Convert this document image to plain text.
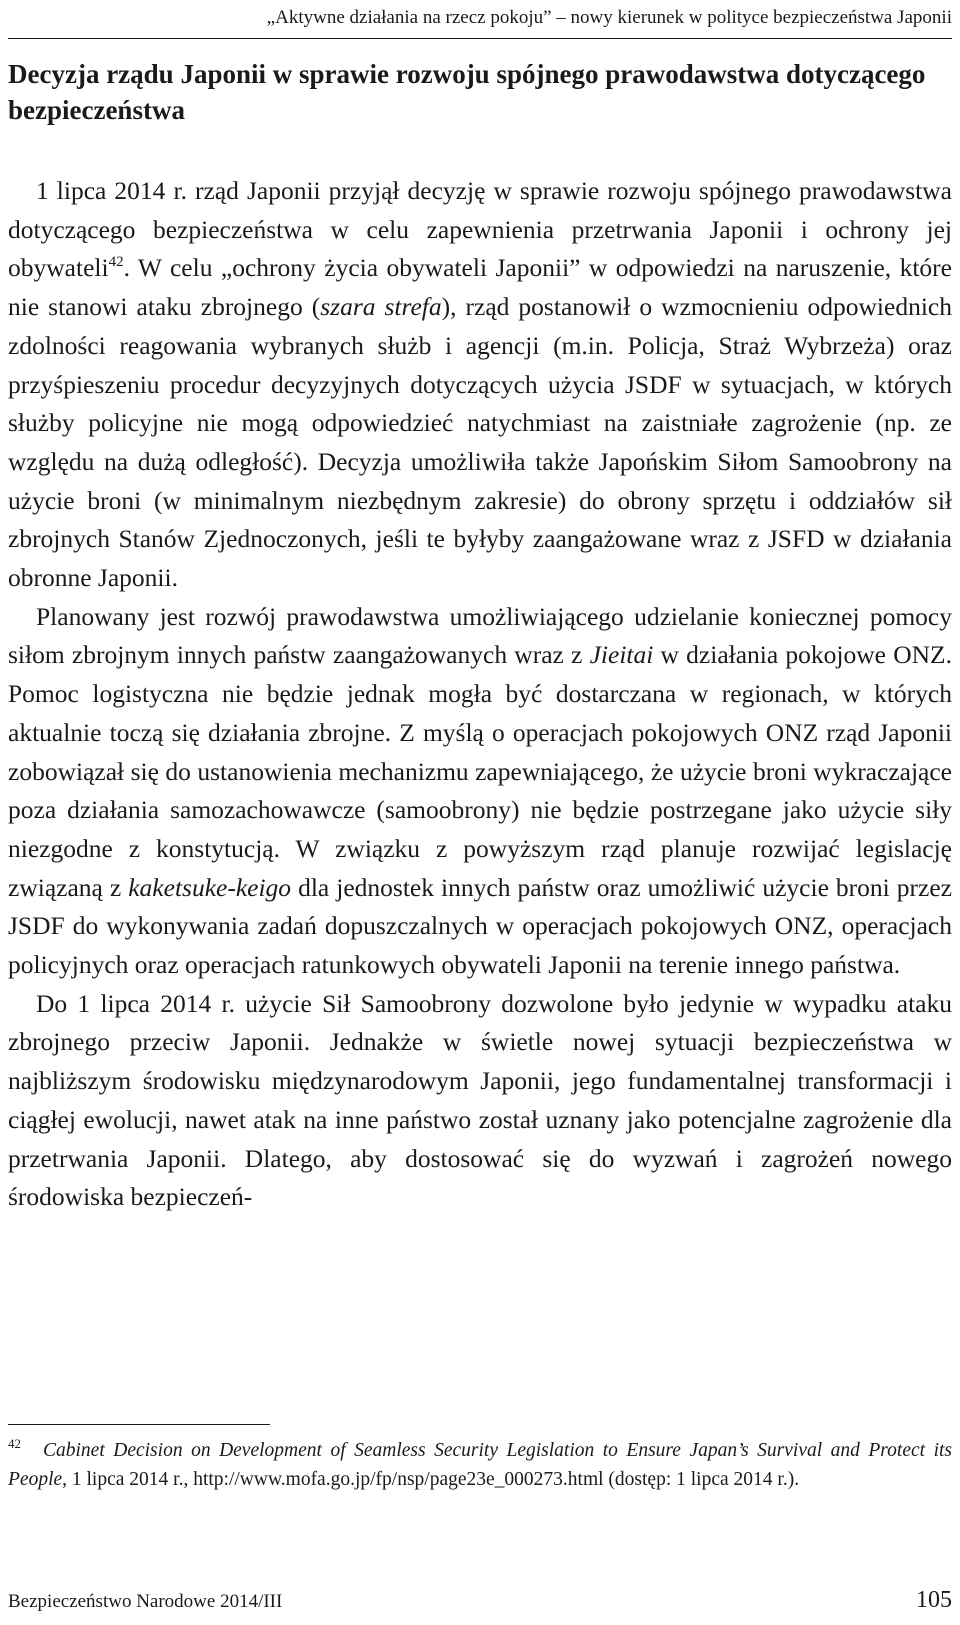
„Aktywne działania na rzecz pokoju” – nowy kierunek w polityce bezpieczeństwa Japonii
Decyzja rządu Japonii w sprawie rozwoju spójnego prawodawstwa dotyczącego bezpieczeństwa

1 lipca 2014 r. rząd Japonii przyjął decyzję w sprawie rozwoju spójnego prawodawstwa dotyczącego bezpieczeństwa w celu zapewnienia przetrwania Japonii i ochrony jej obywateli$^{42}$. W celu „ochrony życia obywateli Japonii” w odpowiedzi na naruszenie, które nie stanowi ataku zbrojnego (szara strefa), rząd postanowił o wzmocnieniu odpowiednich zdolności reagowania wybranych służb i agencji (m.in. Policja, Straż Wybrzeża) oraz przyśpieszeniu procedur decyzyjnych dotyczących użycia JSDF w sytuacjach, w których służby policyjne nie mogą odpowiedzieć natychmiast na zaistniałe zagrożenie (np. ze względu na dużą odległość). Decyzja umożliwiła także Japońskim Siłom Samoobrony na użycie broni (w minimalnym niezbędnym zakresie) do obrony sprzętu i oddziałów sił zbrojnych Stanów Zjednoczonych, jeśli te byłyby zaangażowane wraz z JSFD w działania obronne Japonii.

Planowany jest rozwój prawodawstwa umożliwiającego udzielanie koniecznej pomocy siłom zbrojnym innych państw zaangażowanych wraz z Jieitai w działania pokojowe ONZ. Pomoc logistyczna nie będzie jednak mogła być dostarczana w regionach, w których aktualnie toczą się działania zbrojne. Z myślą o operacjach pokojowych ONZ rząd Japonii zobowiązał się do ustanowienia mechanizmu zapewniającego, że użycie broni wykraczające poza działania samozachowawcze (samoobrony) nie będzie postrzegane jako użycie siły niezgodne z konstytucją. W związku z powyższym rząd planuje rozwijać legislację związaną z kaketsuke-keigo dla jednostek innych państw oraz umożliwić użycie broni przez JSDF do wykonywania zadań dopuszczalnych w operacjach pokojowych ONZ, operacjach policyjnych oraz operacjach ratunkowych obywateli Japonii na terenie innego państwa.

Do 1 lipca 2014 r. użycie Sił Samoobrony dozwolone było jedynie w wypadku ataku zbrojnego przeciw Japonii. Jednakże w świetle nowej sytuacji bezpieczeństwa w najbliższym środowisku międzynarodowym Japonii, jego fundamentalnej transformacji i ciągłej ewolucji, nawet atak na inne państwo został uznany jako potencjalne zagrożenie dla przetrwania Japonii. Dlatego, aby dostosować się do wyzwań i zagrożeń nowego środowiska bezpieczeń-

$^{42}$ Cabinet Decision on Development of Seamless Security Legislation to Ensure Japan’s Survival and Protect its People, 1 lipca 2014 r., http://www.mofa.go.jp/fp/nsp/page23e_000273.html (dostęp: 1 lipca 2014 r.).
Bezpieczeństwo Narodowe 2014/III	105
